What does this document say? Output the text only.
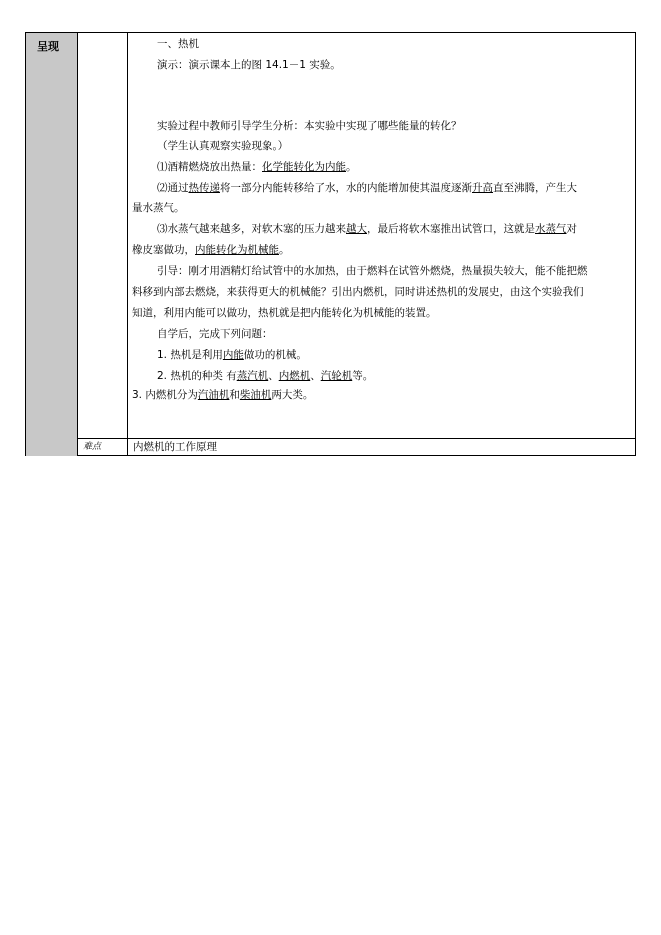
呈现	一、热机
演示：演示课本上的图 14.1－1 实验。
实验过程中教师引导学生分析：本实验中实现了哪些能量的转化？
（学生认真观察实验现象。）
⑴酒精燃烧放出热量：化学能转化为内能。
⑵通过热传递将一部分内能转移给了水，水的内能增加使其温度逐渐升高直至沸腾，产生大
量水蒸气。
⑶水蒸气越来越多，对软木塞的压力越来越大，最后将软木塞推出试管口，这就是水蒸气对
橡皮塞做功，内能转化为机械能。
引导：刚才用酒精灯给试管中的水加热，由于燃料在试管外燃烧，热量损失较大，能不能把燃
料移到内部去燃烧，来获得更大的机械能？引出内燃机，同时讲述热机的发展史，由这个实验我们
知道，利用内能可以做功，热机就是把内能转化为机械能的装置。
自学后，完成下列问题：
1. 热机是利用内能做功的机械。
2. 热机的种类 有蒸汽机、内燃机、汽轮机等。
3. 内燃机分为汽油机和柴油机两大类。
难点	内燃机的工作原理
